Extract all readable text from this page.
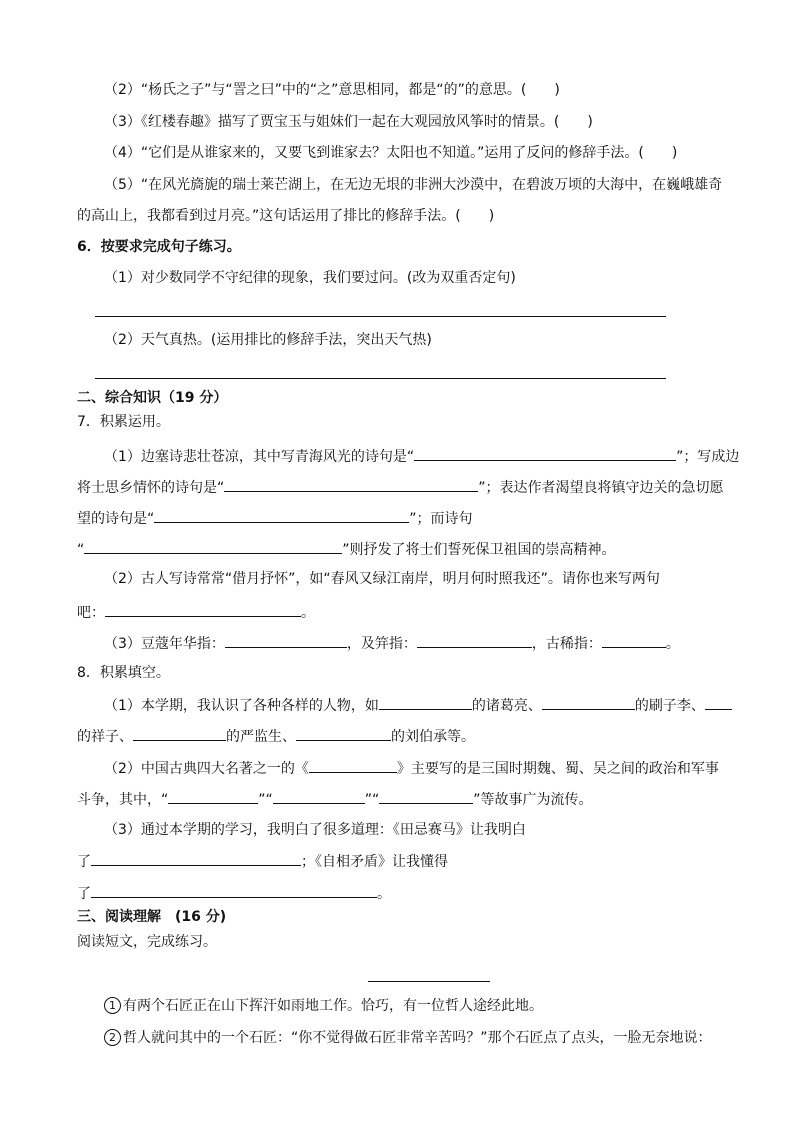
（2）“杨氏之子”与“詈之曰”中的“之”意思相同，都是“的”的意思。(　　)
（3）《红楼春趣》描写了贾宝玉与姐妹们一起在大观园放风筝时的情景。(　　)
（4）“它们是从谁家来的，又要飞到谁家去？太阳也不知道。”运用了反问的修辞手法。(　　)
（5）“在风光旖旎的瑞士莱芒湖上，在无边无垠的非洲大沙漠中，在碧波万顷的大海中，在巍峨雄奇
的高山上，我都看到过月亮。”这句话运用了排比的修辞手法。(　　)
6．按要求完成句子练习。
（1）对少数同学不守纪律的现象，我们要过问。(改为双重否定句)
（2）天气真热。(运用排比的修辞手法，突出天气热)
二、综合知识（19 分）
7．积累运用。
（1）边塞诗悲壮苍凉，其中写青海风光的诗句是“	”；写成边
将士思乡情怀的诗句是“	”；表达作者渴望良将镇守边关的急切愿
望的诗句是“	”；而诗句
“	”则抒发了将士们誓死保卫祖国的崇高精神。
（2）古人写诗常常“借月抒怀”，如“春风又绿江南岸，明月何时照我还”。请你也来写两句
吧：	。
（3）豆蔻年华指：	，及笄指：	，古稀指：	。
8．积累填空。
（1）本学期，我认识了各种各样的人物，如	的诸葛亮、	的刷子李、
的祥子、	的严监生、	的刘伯承等。
（2）中国古典四大名著之一的《	》主要写的是三国时期魏、蜀、吴之间的政治和军事
斗争，其中，“	”“	”“	”等故事广为流传。
（3）通过本学期的学习，我明白了很多道理：《田忌赛马》让我明白
了	；《自相矛盾》让我懂得
了	。
三、阅读理解　(16 分)
阅读短文，完成练习。
1 有两个石匠正在山下挥汗如雨地工作。恰巧，有一位哲人途经此地。
2 哲人就问其中的一个石匠：“你不觉得做石匠非常辛苦吗？”那个石匠点了点头，一脸无奈地说：
